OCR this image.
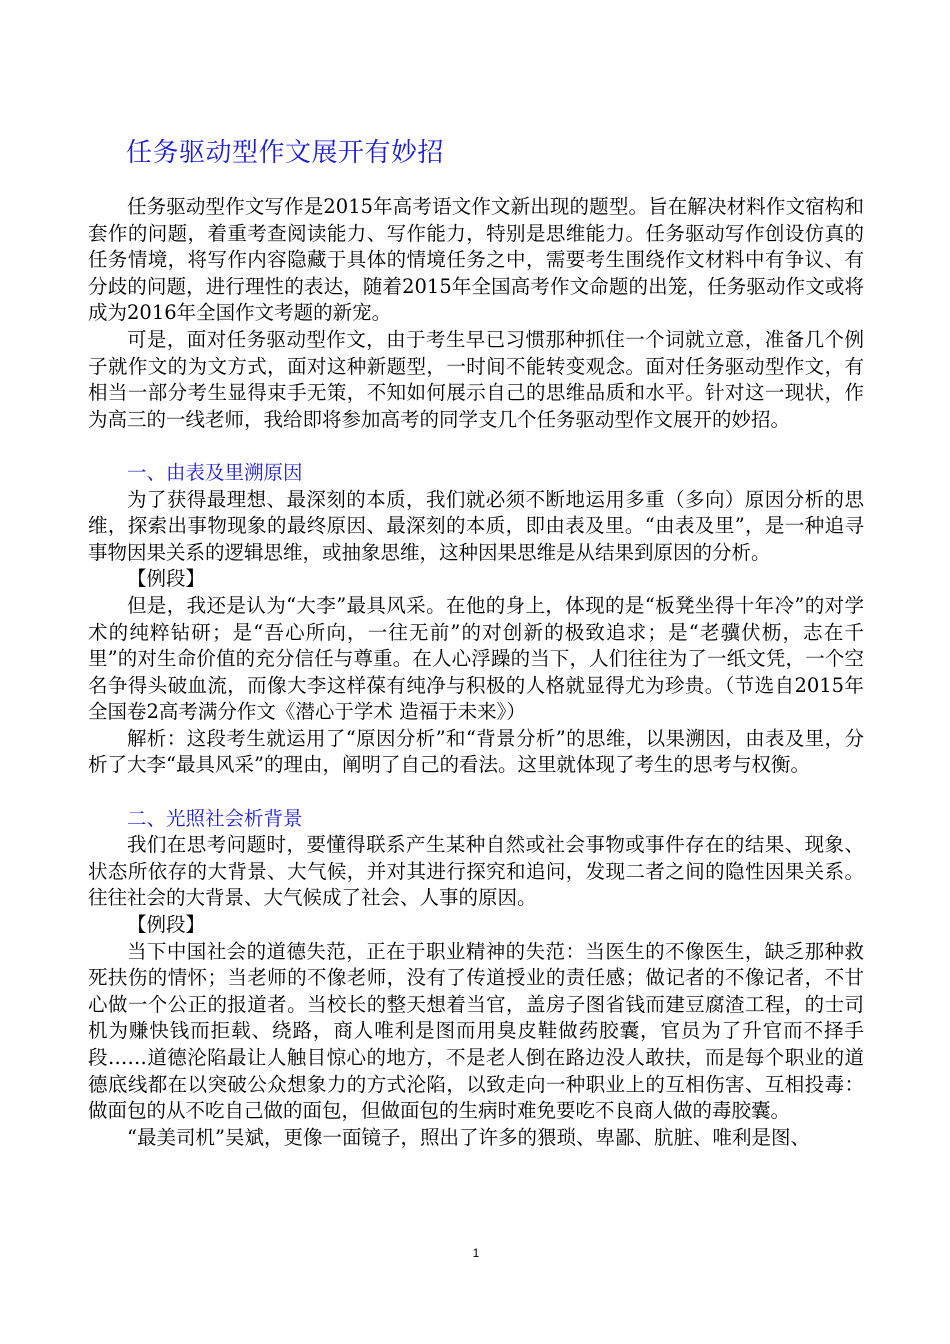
任务驱动型作文展开有妙招

任务驱动型作文写作是2015年高考语文作文新出现的题型。旨在解决材料作文宿构和套作的问题，着重考查阅读能力、写作能力，特别是思维能力。任务驱动写作创设仿真的任务情境，将写作内容隐藏于具体的情境任务之中，需要考生围绕作文材料中有争议、有分歧的问题，进行理性的表达，随着2015年全国高考作文命题的出笼，任务驱动作文或将成为2016年全国作文考题的新宠。

可是，面对任务驱动型作文，由于考生早已习惯那种抓住一个词就立意，准备几个例子就作文的为文方式，面对这种新题型，一时间不能转变观念。面对任务驱动型作文，有相当一部分考生显得束手无策，不知如何展示自己的思维品质和水平。针对这一现状，作为高三的一线老师，我给即将参加高考的同学支几个任务驱动型作文展开的妙招。

一、由表及里溯原因

为了获得最理想、最深刻的本质，我们就必须不断地运用多重（多向）原因分析的思维，探索出事物现象的最终原因、最深刻的本质，即由表及里。“由表及里”，是一种追寻事物因果关系的逻辑思维，或抽象思维，这种因果思维是从结果到原因的分析。

【例段】

但是，我还是认为“大李”最具风采。在他的身上，体现的是“板凳坐得十年冷”的对学术的纯粹钻研；是“吾心所向，一往无前”的对创新的极致追求；是“老骥伏枥，志在千里”的对生命价值的充分信任与尊重。在人心浮躁的当下，人们往往为了一纸文凭，一个空名争得头破血流，而像大李这样葆有纯净与积极的人格就显得尤为珍贵。（节选自2015年全国卷2高考满分作文《潜心于学术 造福于未来》）

解析：这段考生就运用了“原因分析”和“背景分析”的思维，以果溯因，由表及里，分析了大李“最具风采”的理由，阐明了自己的看法。这里就体现了考生的思考与权衡。

二、光照社会析背景

我们在思考问题时，要懂得联系产生某种自然或社会事物或事件存在的结果、现象、状态所依存的大背景、大气候，并对其进行探究和追问，发现二者之间的隐性因果关系。往往社会的大背景、大气候成了社会、人事的原因。

【例段】

当下中国社会的道德失范，正在于职业精神的失范：当医生的不像医生，缺乏那种救死扶伤的情怀；当老师的不像老师，没有了传道授业的责任感；做记者的不像记者，不甘心做一个公正的报道者。当校长的整天想着当官，盖房子图省钱而建豆腐渣工程，的士司机为赚快钱而拒载、绕路，商人唯利是图而用臭皮鞋做药胶囊，官员为了升官而不择手段……道德沦陷最让人触目惊心的地方，不是老人倒在路边没人敢扶，而是每个职业的道德底线都在以突破公众想象力的方式沦陷，以致走向一种职业上的互相伤害、互相投毒：做面包的从不吃自己做的面包，但做面包的生病时难免要吃不良商人做的毒胶囊。

“最美司机”吴斌，更像一面镜子，照出了许多的猥琐、卑鄙、肮脏、唯利是图、

1
